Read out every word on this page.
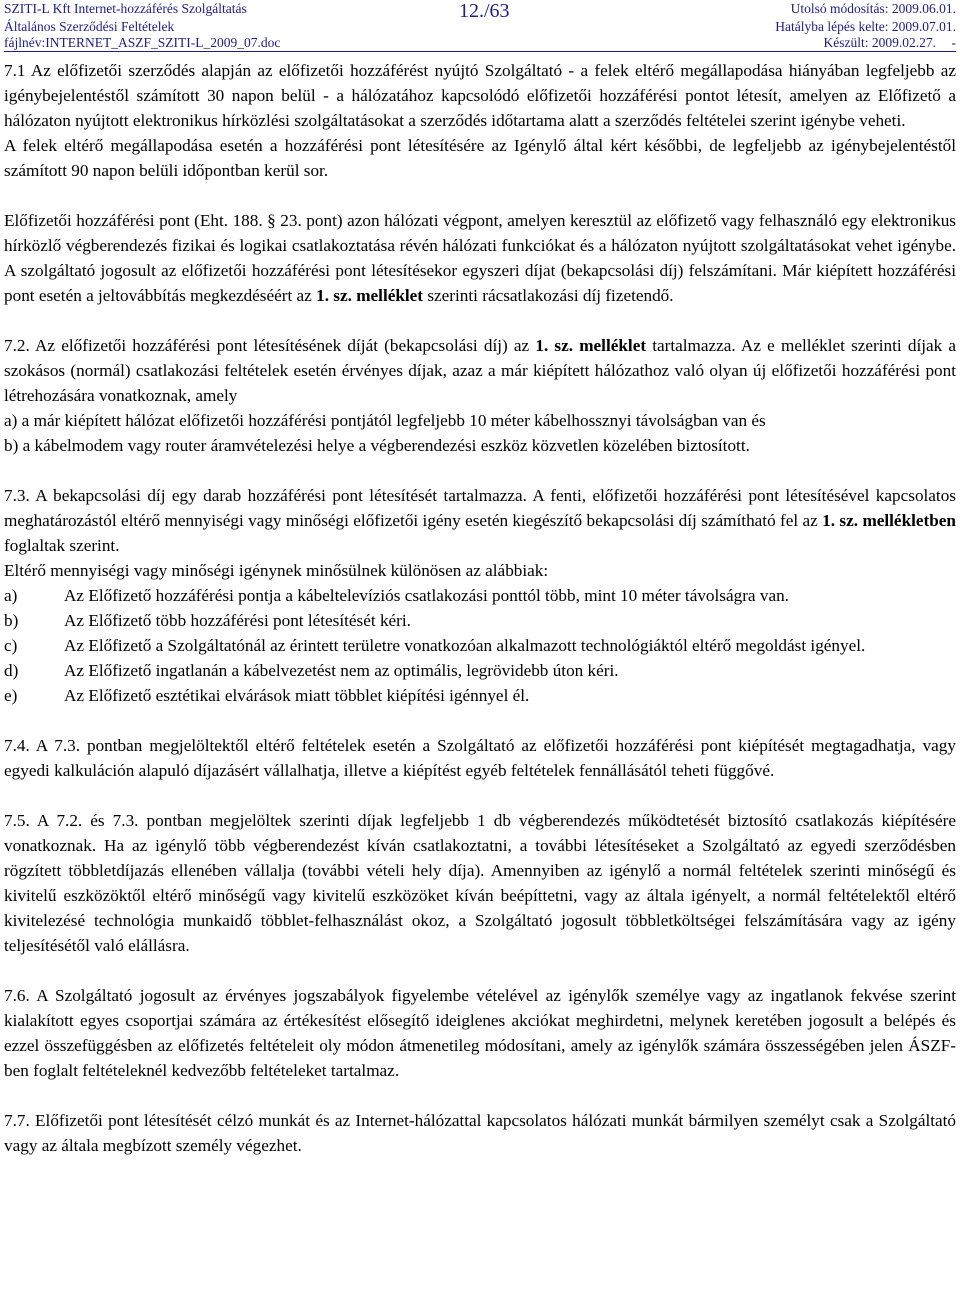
SZITI-L Kft Internet-hozzáférés Szolgáltatás	12./63	Utolsó módosítás: 2009.06.01.
Általános Szerződési Feltételek	Hatályba lépés kelte: 2009.07.01.
fájlnév:INTERNET_ASZF_SZITI-L_2009_07.doc	Készült: 2009.02.27. -

7.1 Az előfizetői szerződés alapján az előfizetői hozzáférést nyújtó Szolgáltató - a felek eltérő megállapodása hiányában legfeljebb az igénybejelentéstől számított 30 napon belül - a hálózatához kapcsolódó előfizetői hozzáférési pontot létesít, amelyen az Előfizető a hálózaton nyújtott elektronikus hírközlési szolgáltatásokat a szerződés időtartama alatt a szerződés feltételei szerint igénybe veheti.

A felek eltérő megállapodása esetén a hozzáférési pont létesítésére az Igénylő által kért későbbi, de legfeljebb az igénybejelentéstől számított 90 napon belüli időpontban kerül sor.

Előfizetői hozzáférési pont (Eht. 188. § 23. pont) azon hálózati végpont, amelyen keresztül az előfizető vagy felhasználó egy elektronikus hírközlő végberendezés fizikai és logikai csatlakoztatása révén hálózati funkciókat és a hálózaton nyújtott szolgáltatásokat vehet igénybe. A szolgáltató jogosult az előfizetői hozzáférési pont létesítésekor egyszeri díjat (bekapcsolási díj) felszámítani. Már kiépített hozzáférési pont esetén a jeltovábbítás megkezdéséért az 1. sz. melléklet szerinti rácsatlakozási díj fizetendő.

7.2. Az előfizetői hozzáférési pont létesítésének díját (bekapcsolási díj) az 1. sz. melléklet tartalmazza. Az e melléklet szerinti díjak a szokásos (normál) csatlakozási feltételek esetén érvényes díjak, azaz a már kiépített hálózathoz való olyan új előfizetői hozzáférési pont létrehozására vonatkoznak, amely

a) a már kiépített hálózat előfizetői hozzáférési pontjától legfeljebb 10 méter kábelhossznyi távolságban van és

b) a kábelmodem vagy router áramvételezési helye a végberendezési eszköz közvetlen közelében biztosított.

7.3. A bekapcsolási díj egy darab hozzáférési pont létesítését tartalmazza. A fenti, előfizetői hozzáférési pont létesítésével kapcsolatos meghatározástól eltérő mennyiségi vagy minőségi előfizetői igény esetén kiegészítő bekapcsolási díj számítható fel az 1. sz. mellékletben foglaltak szerint.

Eltérő mennyiségi vagy minőségi igénynek minősülnek különösen az alábbiak:

a)	Az Előfizető hozzáférési pontja a kábeltelevíziós csatlakozási ponttól több, mint 10 méter távolságra van.
b)	Az Előfizető több hozzáférési pont létesítését kéri.
c)	Az Előfizető a Szolgáltatónál az érintett területre vonatkozóan alkalmazott technológiáktól eltérő megoldást igényel.
d)	Az Előfizető ingatlanán a kábelvezetést nem az optimális, legrövidebb úton kéri.
e)	Az Előfizető esztétikai elvárások miatt többlet kiépítési igénnyel él.

7.4. A 7.3. pontban megjelöltektől eltérő feltételek esetén a Szolgáltató az előfizetői hozzáférési pont kiépítését megtagadhatja, vagy egyedi kalkuláción alapuló díjazásért vállalhatja, illetve a kiépítést egyéb feltételek fennállásától teheti függővé.

7.5. A 7.2. és 7.3. pontban megjelöltek szerinti díjak legfeljebb 1 db végberendezés működtetését biztosító csatlakozás kiépítésére vonatkoznak. Ha az igénylő több végberendezést kíván csatlakoztatni, a további létesítéseket a Szolgáltató az egyedi szerződésben rögzített többletdíjazás ellenében vállalja (további vételi hely díja). Amennyiben az igénylő a normál feltételek szerinti minőségű és kivitelű eszközöktől eltérő minőségű vagy kivitelű eszközöket kíván beépíttetni, vagy az általa igényelt, a normál feltételektől eltérő kivitelezésé technológia munkaidő többlet-felhasználást okoz, a Szolgáltató jogosult többletköltségei felszámítására vagy az igény teljesítésétől való elállásra.

7.6. A Szolgáltató jogosult az érvényes jogszabályok figyelembe vételével az igénylők személye vagy az ingatlanok fekvése szerint kialakított egyes csoportjai számára az értékesítést elősegítő ideiglenes akciókat meghirdetni, melynek keretében jogosult a belépés és ezzel összefüggésben az előfizetés feltételeit oly módon átmenetileg módosítani, amely az igénylők számára összességében jelen ÁSZF-ben foglalt feltételeknél kedvezőbb feltételeket tartalmaz.

7.7. Előfizetői pont létesítését célzó munkát és az Internet-hálózattal kapcsolatos hálózati munkát bármilyen személyt csak a Szolgáltató vagy az általa megbízott személy végezhet.
